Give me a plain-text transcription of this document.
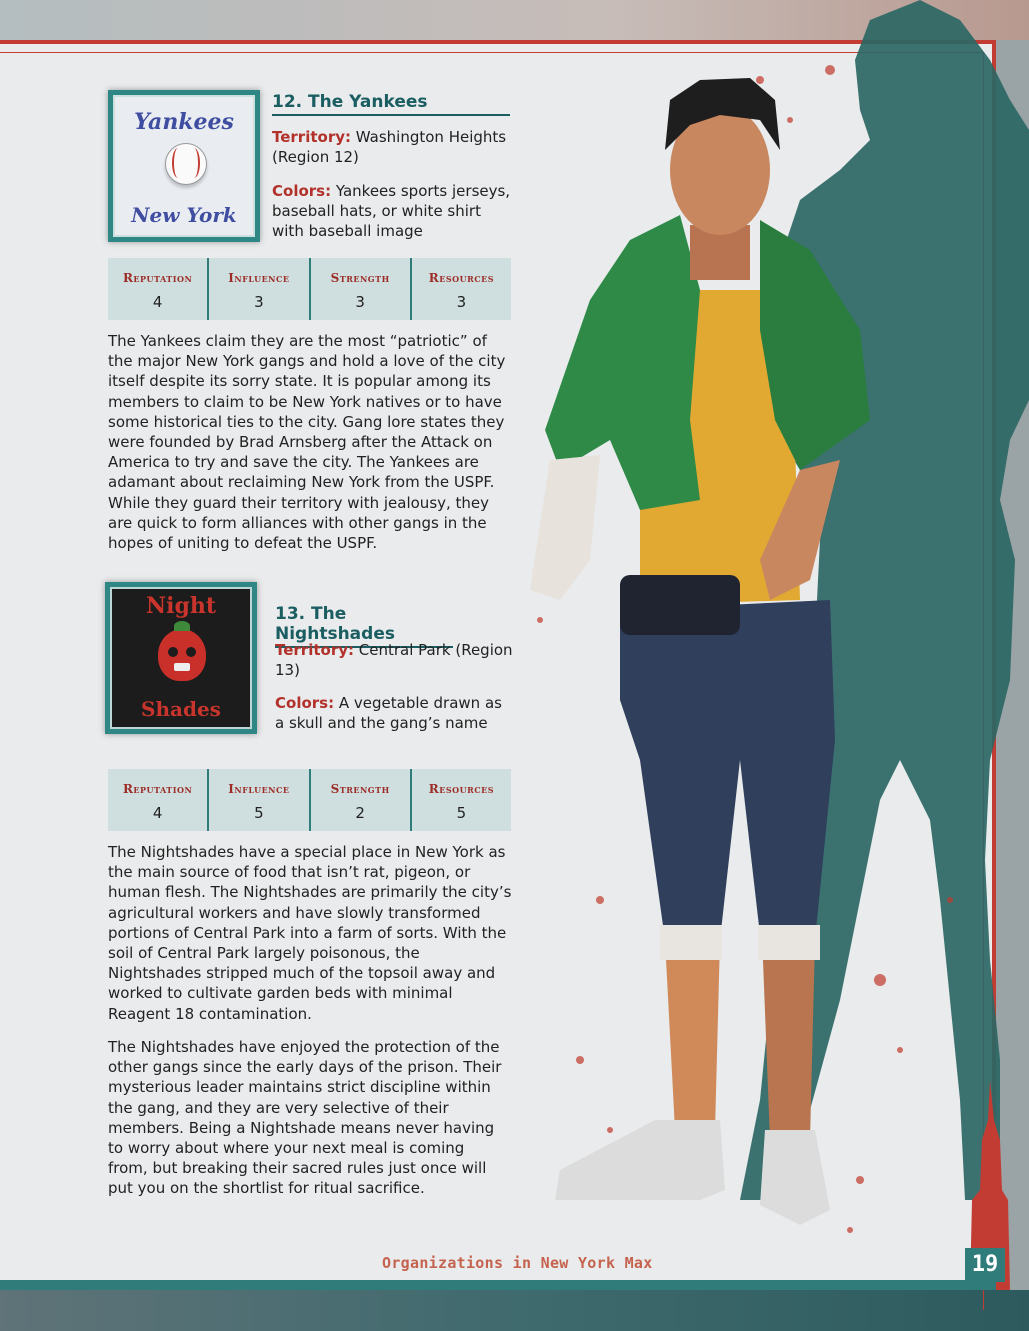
Yankees
New York
12. The Yankees
Territory: Washington Heights (Region 12)
Colors: Yankees sports jerseys, baseball hats, or white shirt with baseball image
Reputation
4
Influence
3
Strength
3
Resources
3

The Yankees claim they are the most “patriotic” of the major New York gangs and hold a love of the city itself despite its sorry state. It is popular among its members to claim to be New York natives or to have some historical ties to the city. Gang lore states they were founded by Brad Arnsberg after the Attack on America to try and save the city. The Yankees are adamant about reclaiming New York from the USPF. While they guard their territory with jealousy, they are quick to form alliances with other gangs in the hopes of uniting to defeat the USPF.

Night
Shades
13. The Nightshades
Territory: Central Park (Region 13)
Colors: A vegetable drawn as a skull and the gang’s name
Reputation
4
Influence
5
Strength
2
Resources
5

The Nightshades have a special place in New York as the main source of food that isn’t rat, pigeon, or human flesh. The Nightshades are primarily the city’s agricultural workers and have slowly transformed portions of Central Park into a farm of sorts. With the soil of Central Park largely poisonous, the Nightshades stripped much of the topsoil away and worked to cultivate garden beds with minimal Reagent 18 contamination.

The Nightshades have enjoyed the protection of the other gangs since the early days of the prison. Their mysterious leader maintains strict discipline within the gang, and they are very selective of their members. Being a Nightshade means never having to worry about where your next meal is coming from, but breaking their sacred rules just once will put you on the shortlist for ritual sacrifice.

Organizations in New York Max	19
